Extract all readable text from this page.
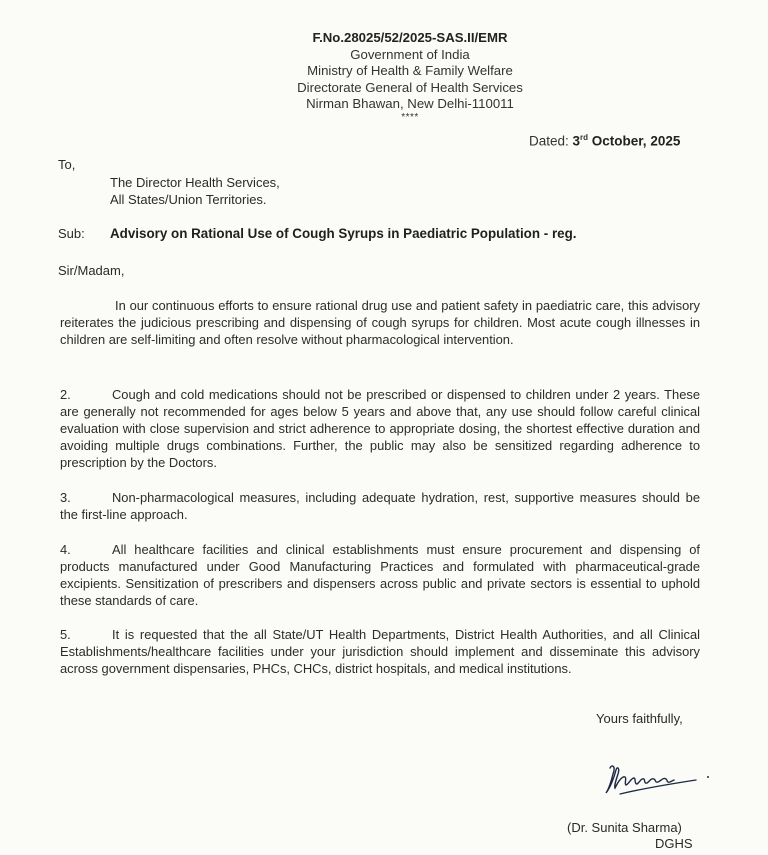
F.No.28025/52/2025-SAS.II/EMR
Government of India
Ministry of Health & Family Welfare
Directorate General of Health Services
Nirman Bhawan, New Delhi-110011
****
Dated: 3rd October, 2025
To,
The Director Health Services,
All States/Union Territories.
Sub: Advisory on Rational Use of Cough Syrups in Paediatric Population - reg.
Sir/Madam,
In our continuous efforts to ensure rational drug use and patient safety in paediatric care, this advisory reiterates the judicious prescribing and dispensing of cough syrups for children. Most acute cough illnesses in children are self-limiting and often resolve without pharmacological intervention.
2.	Cough and cold medications should not be prescribed or dispensed to children under 2 years. These are generally not recommended for ages below 5 years and above that, any use should follow careful clinical evaluation with close supervision and strict adherence to appropriate dosing, the shortest effective duration and avoiding multiple drugs combinations. Further, the public may also be sensitized regarding adherence to prescription by the Doctors.
3.	Non-pharmacological measures, including adequate hydration, rest, supportive measures should be the first-line approach.
4.	All healthcare facilities and clinical establishments must ensure procurement and dispensing of products manufactured under Good Manufacturing Practices and formulated with pharmaceutical-grade excipients. Sensitization of prescribers and dispensers across public and private sectors is essential to uphold these standards of care.
5.	It is requested that the all State/UT Health Departments, District Health Authorities, and all Clinical Establishments/healthcare facilities under your jurisdiction should implement and disseminate this advisory across government dispensaries, PHCs, CHCs, district hospitals, and medical institutions.
Yours faithfully,
(Dr. Sunita Sharma)
DGHS
